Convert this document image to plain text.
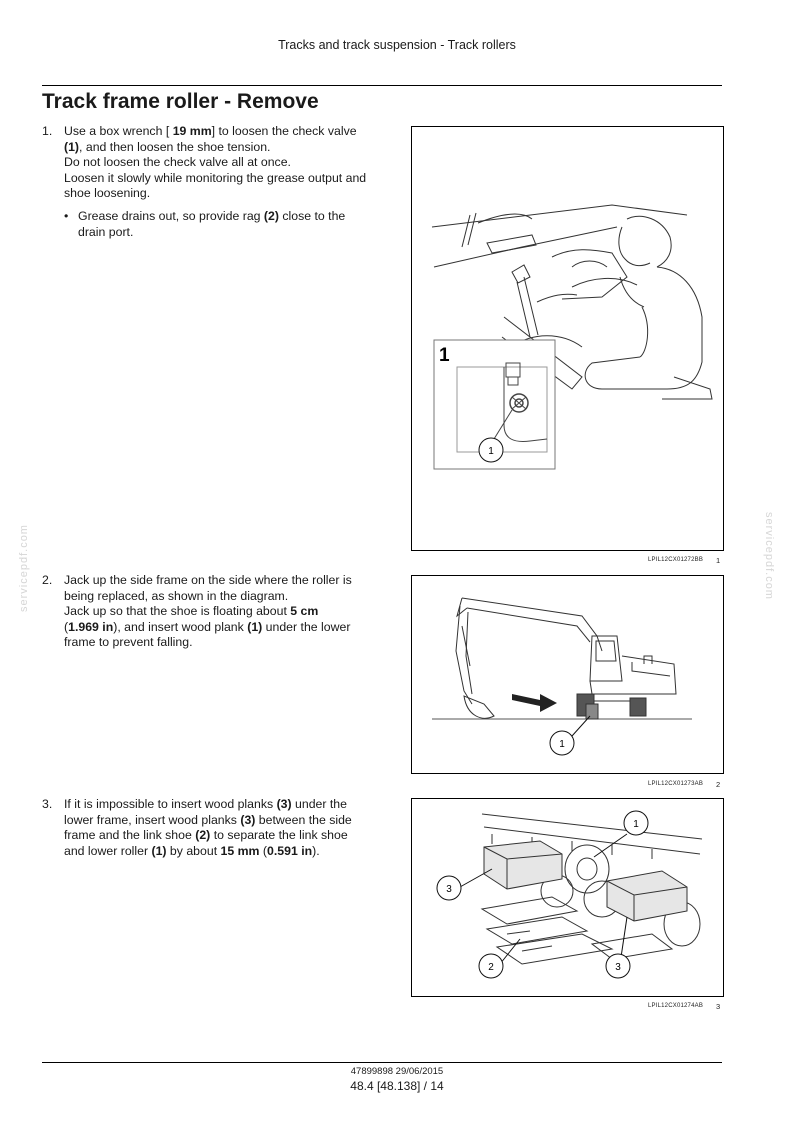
Tracks and track suspension - Track rollers
Track frame roller - Remove
1. Use a box wrench [ 19 mm] to loosen the check valve
(1), and then loosen the shoe tension.
Do not loosen the check valve all at once.
Loosen it slowly while monitoring the grease output and
shoe loosening.
• Grease drains out, so provide rag (2) close to the
drain port.
1
1
LPIL12CX01272BB 1
2. Jack up the side frame on the side where the roller is
being replaced, as shown in the diagram.
Jack up so that the shoe is floating about 5 cm
(1.969 in), and insert wood plank (1) under the lower
frame to prevent falling.
1
LPIL12CX01273AB 2
3. If it is impossible to insert wood planks (3) under the
lower frame, insert wood planks (3) between the side
frame and the link shoe (2) to separate the link shoe
and lower roller (1) by about 15 mm (0.591 in).
1
3
2	3
LPIL12CX01274AB 3
servicepdf.com	servicepdf.com
47899898 29/06/2015
48.4 [48.138] / 14
